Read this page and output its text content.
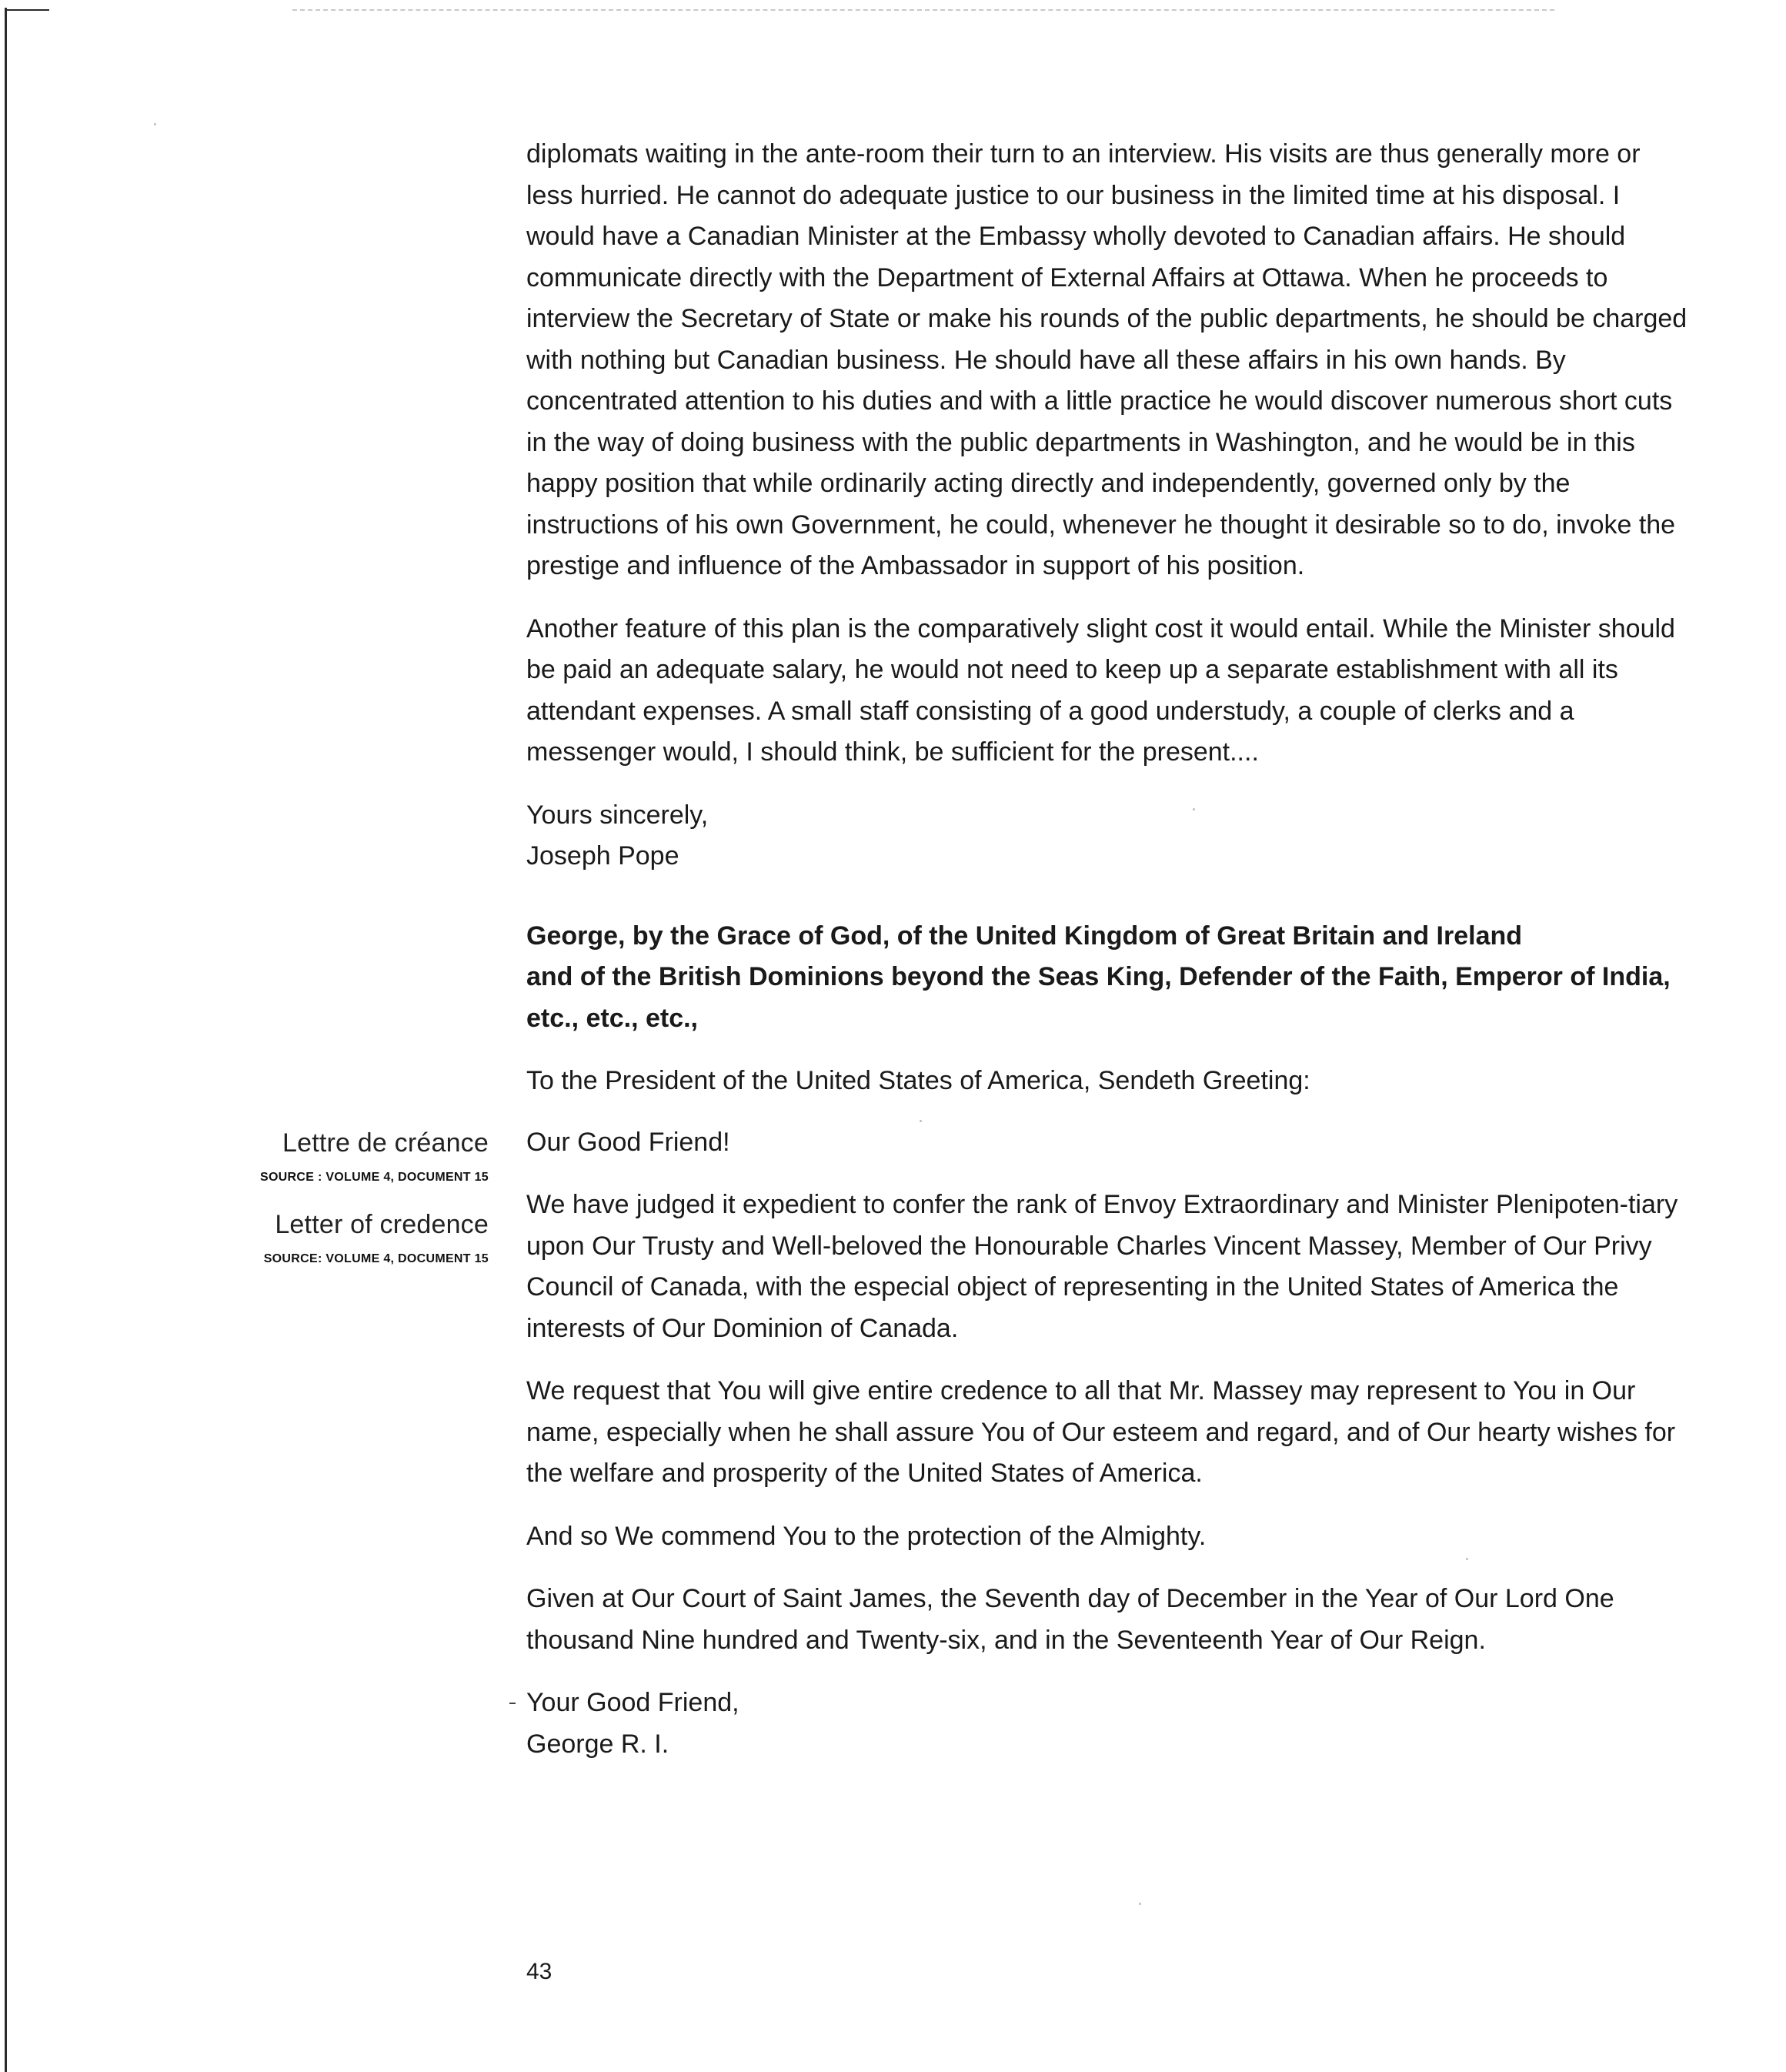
Lettre de créance
SOURCE : VOLUME 4, DOCUMENT 15
Letter of credence
SOURCE: VOLUME 4, DOCUMENT 15

diplomats waiting in the ante-room their turn to an interview. His visits are thus generally more or less hurried. He cannot do adequate justice to our business in the limited time at his disposal. I would have a Canadian Minister at the Embassy wholly devoted to Canadian affairs. He should communicate directly with the Department of External Affairs at Ottawa. When he proceeds to interview the Secretary of State or make his rounds of the public departments, he should be charged with nothing but Canadian business. He should have all these affairs in his own hands. By concentrated attention to his duties and with a little practice he would discover numerous short cuts in the way of doing business with the public departments in Washington, and he would be in this happy position that while ordinarily acting directly and independently, governed only by the instructions of his own Government, he could, whenever he thought it desirable so to do, invoke the prestige and influence of the Ambassador in support of his position.

Another feature of this plan is the comparatively slight cost it would entail. While the Minister should be paid an adequate salary, he would not need to keep up a separate establishment with all its attendant expenses. A small staff consisting of a good understudy, a couple of clerks and a messenger would, I should think, be sufficient for the present....

Yours sincerely,

Joseph Pope

George, by the Grace of God, of the United Kingdom of Great Britain and Ireland
and of the British Dominions beyond the Seas King, Defender of the Faith, Emperor of India, etc., etc., etc.,

To the President of the United States of America, Sendeth Greeting:

Our Good Friend!

We have judged it expedient to confer the rank of Envoy Extraordinary and Minister Plenipoten-tiary upon Our Trusty and Well-beloved the Honourable Charles Vincent Massey, Member of Our Privy Council of Canada, with the especial object of representing in the United States of America the interests of Our Dominion of Canada.

We request that You will give entire credence to all that Mr. Massey may represent to You in Our name, especially when he shall assure You of Our esteem and regard, and of Our hearty wishes for the welfare and prosperity of the United States of America.

And so We commend You to the protection of the Almighty.

Given at Our Court of Saint James, the Seventh day of December in the Year of Our Lord One thousand Nine hundred and Twenty-six, and in the Seventeenth Year of Our Reign.

Your Good Friend,

George R. I.

43
